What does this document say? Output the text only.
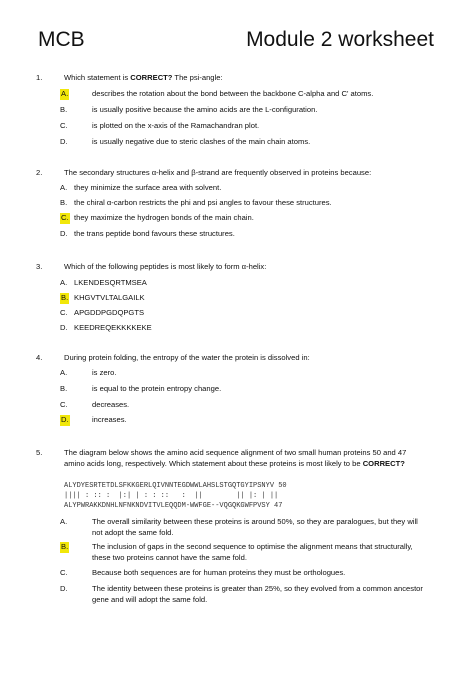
MCB	Module 2 worksheet
1.	Which statement is CORRECT? The psi-angle:
A.	describes the rotation about the bond between the backbone C-alpha and C' atoms.
B.	is usually positive because the amino acids are the L-configuration.
C.	is plotted on the x-axis of the Ramachandran plot.
D.	is usually negative due to steric clashes of the main chain atoms.
2.	The secondary structures α-helix and β-strand are frequently observed in proteins because:
A. they minimize the surface area with solvent.
B. the chiral α-carbon restricts the phi and psi angles to favour these structures.
C. they maximize the hydrogen bonds of the main chain.
D. the trans peptide bond favours these structures.
3.	Which of the following peptides is most likely to form α-helix:
A. LKENDESQRTMSEA
B. KHGVTVLTALGAILK
C. APGDDPGDQPGTS
D. KEEDREQEKKKKEKE
4.	During protein folding, the entropy of the water the protein is dissolved in:
A.	is zero.
B.	is equal to the protein entropy change.
C.	decreases.
D.	increases.
5.	The diagram below shows the amino acid sequence alignment of two small human proteins 50 and 47
amino acids long, respectively. Which statement about these proteins is most likely to be CORRECT?
ALYDYESRTETDLSFKKGERLQIVNNTEGDWWLAHSLSTGQTGYIPSNYV 50
|||| : :: :  |:| | : : ::   :  ||        || |: | ||
ALYPWRAKKDNHLNFNKNDVITVLEQQDM-WWFGE--VQGQKGWFPVSY 47
A.	The overall similarity between these proteins is around 50%, so they are paralogues, but they will
not adopt the same fold.
B.	The inclusion of gaps in the second sequence to optimise the alignment means that structurally,
these two proteins cannot have the same fold.
C.	Because both sequences are for human proteins they must be orthologues.
D.	The identity between these proteins is greater than 25%, so they evolved from a common ancestor
gene and will adopt the same fold.
